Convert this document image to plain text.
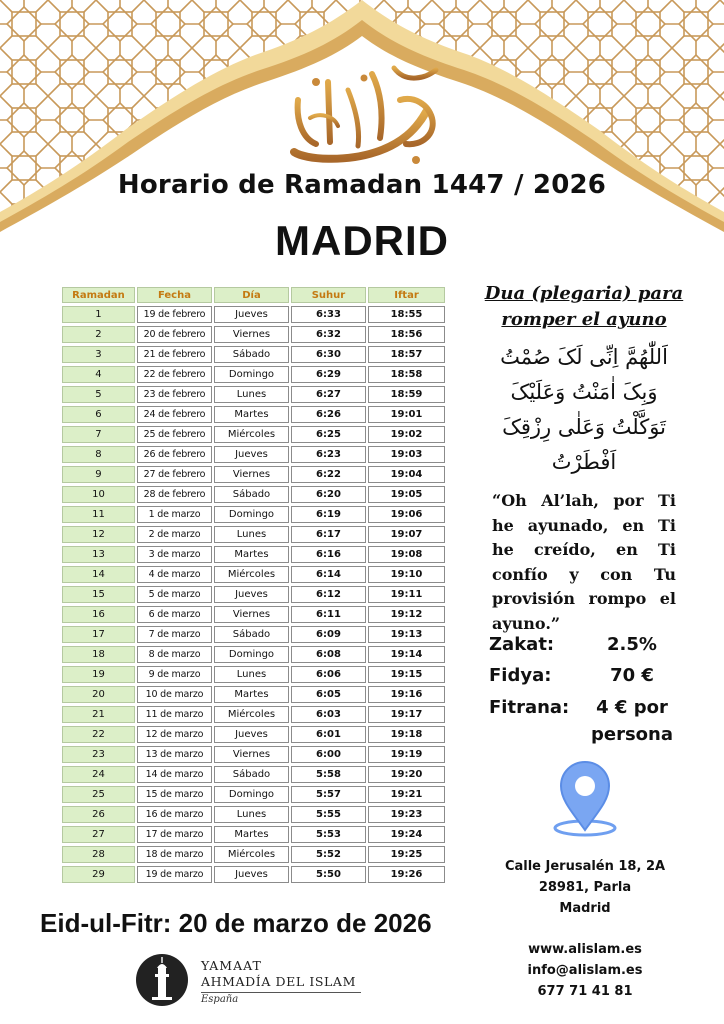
Horario de Ramadan 1447 / 2026
MADRID
Ramadan	Fecha	Día	Suhur	Iftar
1	19 de febrero	Jueves	6:33	18:55
2	20 de febrero	Viernes	6:32	18:56
3	21 de febrero	Sábado	6:30	18:57
4	22 de febrero	Domingo	6:29	18:58
5	23 de febrero	Lunes	6:27	18:59
6	24 de febrero	Martes	6:26	19:01
7	25 de febrero	Miércoles	6:25	19:02
8	26 de febrero	Jueves	6:23	19:03
9	27 de febrero	Viernes	6:22	19:04
10	28 de febrero	Sábado	6:20	19:05
11	1 de marzo	Domingo	6:19	19:06
12	2 de marzo	Lunes	6:17	19:07
13	3 de marzo	Martes	6:16	19:08
14	4 de marzo	Miércoles	6:14	19:10
15	5 de marzo	Jueves	6:12	19:11
16	6 de marzo	Viernes	6:11	19:12
17	7 de marzo	Sábado	6:09	19:13
18	8 de marzo	Domingo	6:08	19:14
19	9 de marzo	Lunes	6:06	19:15
20	10 de marzo	Martes	6:05	19:16
21	11 de marzo	Miércoles	6:03	19:17
22	12 de marzo	Jueves	6:01	19:18
23	13 de marzo	Viernes	6:00	19:19
24	14 de marzo	Sábado	5:58	19:20
25	15 de marzo	Domingo	5:57	19:21
26	16 de marzo	Lunes	5:55	19:23
27	17 de marzo	Martes	5:53	19:24
28	18 de marzo	Miércoles	5:52	19:25
29	19 de marzo	Jueves	5:50	19:26
Eid-ul-Fitr: 20 de marzo de 2026
YAMAAT
AHMADÍA DEL ISLAM
España
Dua (plegaria) para
romper el ayuno
اَللّٰهُمَّ اِنِّی لَکَ صُمْتُ
وَبِکَ اٰمَنْتُ وَعَلَیْکَ
تَوَکَّلْتُ وَعَلٰی رِزْقِکَ
اَفْطَرْتُ
“Oh Al’lah, por Ti he ayunado, en Ti he creído, en Ti confío y con Tu provisión rompo el ayuno.”
Zakat:	2.5%
Fidya:	70 €
Fitrana:	4 € por
persona
Calle Jerusalén 18, 2A
28981, Parla
Madrid
www.alislam.es
info@alislam.es
677 71 41 81
